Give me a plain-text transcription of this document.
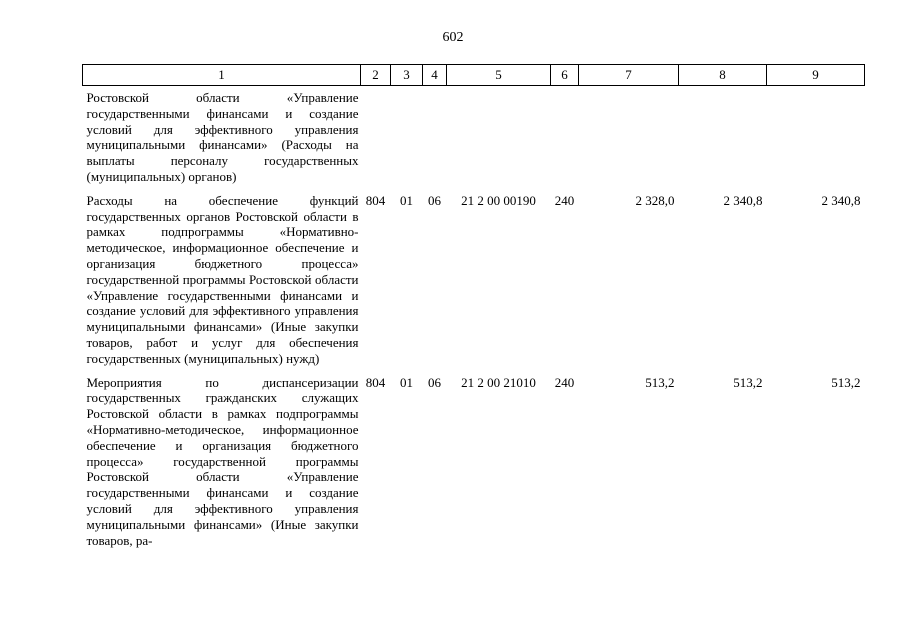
602
1	2	3	4	5	6	7	8	9
Ростовской области «Управление государственными финансами и создание условий для эффективного управления муниципальными финансами» (Расходы на выплаты персоналу государственных (муниципальных) органов)								
Расходы на обеспечение функций государственных органов Ростовской области в рамках подпрограммы «Нормативно-методическое, информационное обеспечение и организация бюджетного процесса» государственной программы Ростовской области «Управление государственными финансами и создание условий для эффективного управления муниципальными финансами» (Иные закупки товаров, работ и услуг для обеспечения государственных (муниципальных) нужд)	804	01	06	21 2 00 00190	240	2 328,0	2 340,8	2 340,8
Мероприятия по диспансеризации государственных гражданских служащих Ростовской области в рамках подпрограммы «Нормативно-методическое, информационное обеспечение и организация бюджетного процесса» государственной программы Ростовской области «Управление государственными финансами и создание условий для эффективного управления муниципальными финансами» (Иные закупки товаров, ра-	804	01	06	21 2 00 21010	240	513,2	513,2	513,2
